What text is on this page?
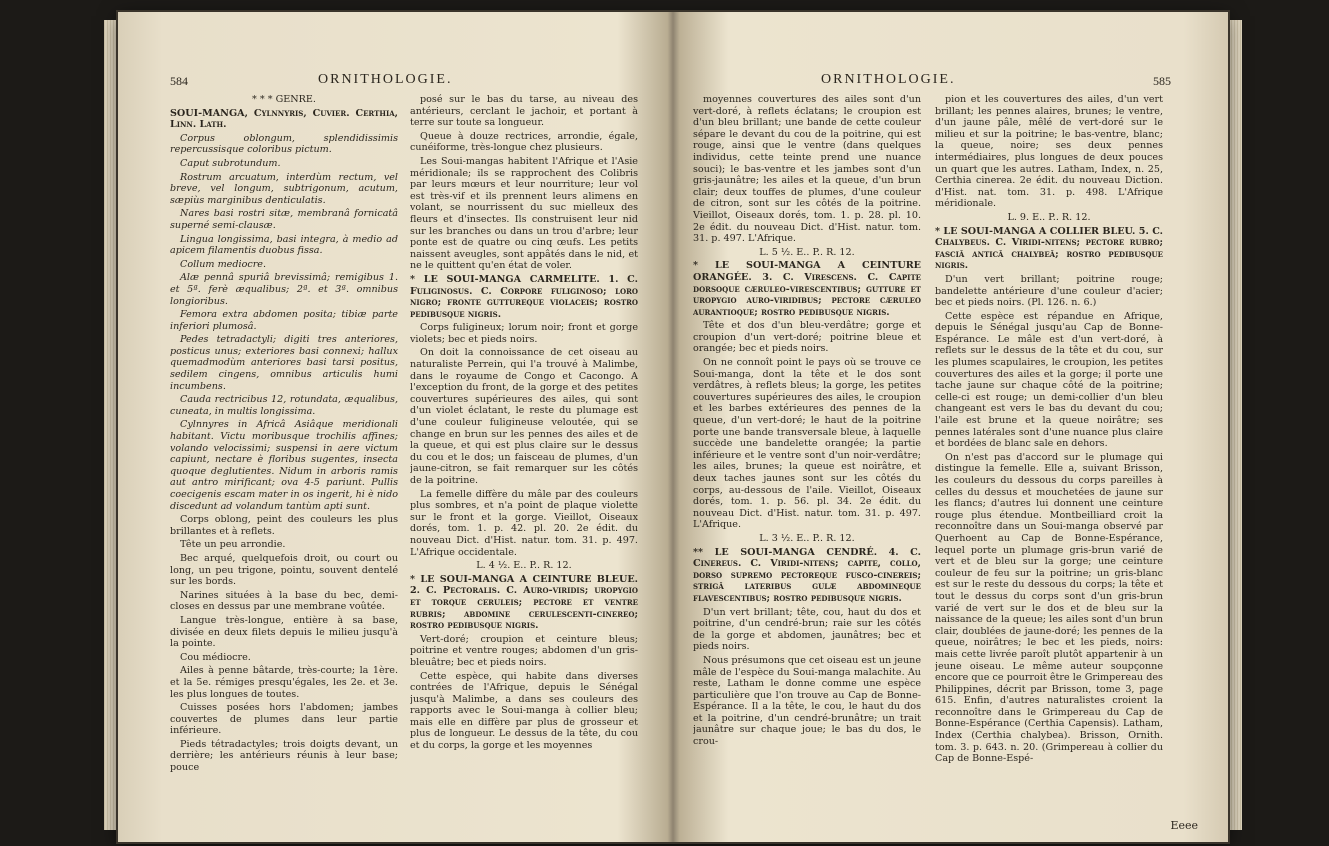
584	ORNITHOLOGIE.

* * * GENRE.

SOUI-MANGA, Cylnnyris, Cuvier. Certhia, Linn. Lath.

Corpus oblongum, splendidissimis repercussisque coloribus pictum.

Caput subrotundum.

Rostrum arcuatum, interdùm rectum, vel breve, vel longum, subtrigonum, acutum, sæpiùs marginibus denticulatis.

Nares basi rostri sitæ, membranâ fornicatâ superné semi-clausæ.

Lingua longissima, basi integra, à medio ad apicem filamentis duobus fissa.

Collum mediocre.

Alæ pennâ spuriâ brevissimâ; remigibus 1. et 5ª. ferè æqualibus; 2ª. et 3ª. omnibus longioribus.

Femora extra abdomen posita; tibiæ parte inferiori plumosâ.

Pedes tetradactyli; digiti tres anteriores, posticus unus; exteriores basi connexi; hallux quemadmodùm anteriores basi tarsi positus, sedilem cingens, omnibus articulis humi incumbens.

Cauda rectricibus 12, rotundata, æqualibus, cuneata, in multis longissima.

Cylnnyres in Africâ Asiâque meridionali habitant. Victu moribusque trochilis affines; volando velocissimi; suspensi in aere victum capiunt, nectare è floribus sugentes, insecta quoque deglutientes. Nidum in arboris ramis aut antro mirificant; ova 4-5 pariunt. Pullis coecigenis escam mater in os ingerit, hi è nido discedunt ad volandum tantùm apti sunt.

Corps oblong, peint des couleurs les plus brillantes et à reflets.

Tête un peu arrondie.

Bec arqué, quelquefois droit, ou court ou long, un peu trigone, pointu, souvent dentelé sur les bords.

Narines situées à la base du bec, demi-closes en dessus par une membrane voûtée.

Langue très-longue, entière à sa base, divisée en deux filets depuis le milieu jusqu'à la pointe.

Cou médiocre.

Ailes à penne bâtarde, très-courte; la 1ère. et la 5e. rémiges presqu'égales, les 2e. et 3e. les plus longues de toutes.

Cuisses posées hors l'abdomen; jambes couvertes de plumes dans leur partie inférieure.

Pieds tétradactyles; trois doigts devant, un derrière; les antérieurs réunis à leur base; pouce

posé sur le bas du tarse, au niveau des antérieurs, cerclant le jachoir, et portant à terre sur toute sa longueur.

Queue à douze rectrices, arrondie, égale, cunéiforme, très-longue chez plusieurs.

Les Soui-mangas habitent l'Afrique et l'Asie méridionale; ils se rapprochent des Colibris par leurs mœurs et leur nourriture; leur vol est très-vif et ils prennent leurs alimens en volant, se nourrissent du suc mielleux des fleurs et d'insectes. Ils construisent leur nid sur les branches ou dans un trou d'arbre; leur ponte est de quatre ou cinq œufs. Les petits naissent aveugles, sont appâtés dans le nid, et ne le quittent qu'en état de voler.

* LE SOUI-MANGA CARMELITE. 1. C. Fuliginosus. C. Corpore fuliginoso; loro nigro; fronte guttureque violaceis; rostro pedibusque nigris.

Corps fuligineux; lorum noir; front et gorge violets; bec et pieds noirs.

On doit la connoissance de cet oiseau au naturaliste Perrein, qui l'a trouvé à Malimbe, dans le royaume de Congo et Cacongo. A l'exception du front, de la gorge et des petites couvertures supérieures des ailes, qui sont d'un violet éclatant, le reste du plumage est d'une couleur fuligineuse veloutée, qui se change en brun sur les pennes des ailes et de la queue, et qui est plus claire sur le dessus du cou et le dos; un faisceau de plumes, d'un jaune-citron, se fait remarquer sur les côtés de la poitrine.

La femelle diffère du mâle par des couleurs plus sombres, et n'a point de plaque violette sur le front et la gorge. Vieillot, Oiseaux dorés, tom. 1. p. 42. pl. 20. 2e édit. du nouveau Dict. d'Hist. natur. tom. 31. p. 497. L'Afrique occidentale.

L. 4 ½. E.. P.. R. 12.

* LE SOUI-MANGA A CEINTURE BLEUE. 2. C. Pectoralis. C. Auro-viridis; uropygio et torque ceruleis; pectore et ventre rubris; abdomine cerulescenti-cinereo; rostro pedibusque nigris.

Vert-doré; croupion et ceinture bleus; poitrine et ventre rouges; abdomen d'un gris-bleuâtre; bec et pieds noirs.

Cette espèce, qui habite dans diverses contrées de l'Afrique, depuis le Sénégal jusqu'à Malimbe, a dans ses couleurs des rapports avec le Soui-manga à collier bleu; mais elle en diffère par plus de grosseur et plus de longueur. Le dessus de la tête, du cou et du corps, la gorge et les moyennes

ORNITHOLOGIE.	585

moyennes couvertures des ailes sont d'un vert-doré, à reflets éclatans; le croupion est d'un bleu brillant; une bande de cette couleur sépare le devant du cou de la poitrine, qui est rouge, ainsi que le ventre (dans quelques individus, cette teinte prend une nuance souci); le bas-ventre et les jambes sont d'un gris-jaunâtre; les ailes et la queue, d'un brun clair; deux touffes de plumes, d'une couleur de citron, sont sur les côtés de la poitrine. Vieillot, Oiseaux dorés, tom. 1. p. 28. pl. 10. 2e édit. du nouveau Dict. d'Hist. natur. tom. 31. p. 497. L'Afrique.

L. 5 ½. E.. P.. R. 12.

* LE SOUI-MANGA A CEINTURE ORANGÉE. 3. C. Virescens. C. Capite dorsoque cæruleo-virescentibus; gutture et uropygio auro-viridibus; pectore cæruleo aurantioque; rostro pedibusque nigris.

Tête et dos d'un bleu-verdâtre; gorge et croupion d'un vert-doré; poitrine bleue et orangée; bec et pieds noirs.

On ne connoît point le pays où se trouve ce Soui-manga, dont la tête et le dos sont verdâtres, à reflets bleus; la gorge, les petites couvertures supérieures des ailes, le croupion et les barbes extérieures des pennes de la queue, d'un vert-doré; le haut de la poitrine porte une bande transversale bleue, à laquelle succède une bandelette orangée; la partie inférieure et le ventre sont d'un noir-verdâtre; les ailes, brunes; la queue est noirâtre, et deux taches jaunes sont sur les côtés du corps, au-dessous de l'aile. Vieillot, Oiseaux dorés, tom. 1. p. 56. pl. 34. 2e édit. du nouveau Dict. d'Hist. natur. tom. 31. p. 497. L'Afrique.

L. 3 ½. E.. P.. R. 12.

** LE SOUI-MANGA CENDRÉ. 4. C. Cinereus. C. Viridi-nitens; capite, collo, dorso supremo pectoreque fusco-cinereis; strigâ lateribus gulæ abdomineque flavescentibus; rostro pedibusque nigris.

D'un vert brillant; tête, cou, haut du dos et poitrine, d'un cendré-brun; raie sur les côtés de la gorge et abdomen, jaunâtres; bec et pieds noirs.

Nous présumons que cet oiseau est un jeune mâle de l'espèce du Soui-manga malachite. Au reste, Latham le donne comme une espèce particulière que l'on trouve au Cap de Bonne-Espérance. Il a la tête, le cou, le haut du dos et la poitrine, d'un cendré-brunâtre; un trait jaunâtre sur chaque joue; le bas du dos, le crou-

pion et les couvertures des ailes, d'un vert brillant; les pennes alaires, brunes; le ventre, d'un jaune pâle, mêlé de vert-doré sur le milieu et sur la poitrine; le bas-ventre, blanc; la queue, noire; ses deux pennes intermédiaires, plus longues de deux pouces un quart que les autres. Latham, Index, n. 25, Certhia cinerea. 2e édit. du nouveau Diction. d'Hist. nat. tom. 31. p. 498. L'Afrique méridionale.

L. 9. E.. P.. R. 12.

* LE SOUI-MANGA A COLLIER BLEU. 5. C. Chalybeus. C. Viridi-nitens; pectore rubro; fasciâ anticâ chalybeâ; rostro pedibusque nigris.

D'un vert brillant; poitrine rouge; bandelette antérieure d'une couleur d'acier; bec et pieds noirs. (Pl. 126. n. 6.)

Cette espèce est répandue en Afrique, depuis le Sénégal jusqu'au Cap de Bonne-Espérance. Le mâle est d'un vert-doré, à reflets sur le dessus de la tête et du cou, sur les plumes scapulaires, le croupion, les petites couvertures des ailes et la gorge; il porte une tache jaune sur chaque côté de la poitrine; celle-ci est rouge; un demi-collier d'un bleu changeant est vers le bas du devant du cou; l'aile est brune et la queue noirâtre; ses pennes latérales sont d'une nuance plus claire et bordées de blanc sale en dehors.

On n'est pas d'accord sur le plumage qui distingue la femelle. Elle a, suivant Brisson, les couleurs du dessous du corps pareilles à celles du dessus et mouchetées de jaune sur les flancs; d'autres lui donnent une ceinture rouge plus étendue. Montbeilliard croit la reconnoître dans un Soui-manga observé par Querhoent au Cap de Bonne-Espérance, lequel porte un plumage gris-brun varié de vert et de bleu sur la gorge; une ceinture couleur de feu sur la poitrine; un gris-blanc est sur le reste du dessous du corps; la tête et tout le dessus du corps sont d'un gris-brun varié de vert sur le dos et de bleu sur la naissance de la queue; les ailes sont d'un brun clair, doublées de jaune-doré; les pennes de la queue, noirâtres; le bec et les pieds, noirs: mais cette livrée paroît plutôt appartenir à un jeune oiseau. Le même auteur soupçonne encore que ce pourroit être le Grimpereau des Philippines, décrit par Brisson, tome 3, page 615. Enfin, d'autres naturalistes croient la reconnoître dans le Grimpereau du Cap de Bonne-Espérance (Certhia Capensis). Latham, Index (Certhia chalybea). Brisson, Ornith. tom. 3. p. 643. n. 20. (Grimpereau à collier du Cap de Bonne-Espé-

Eeee
